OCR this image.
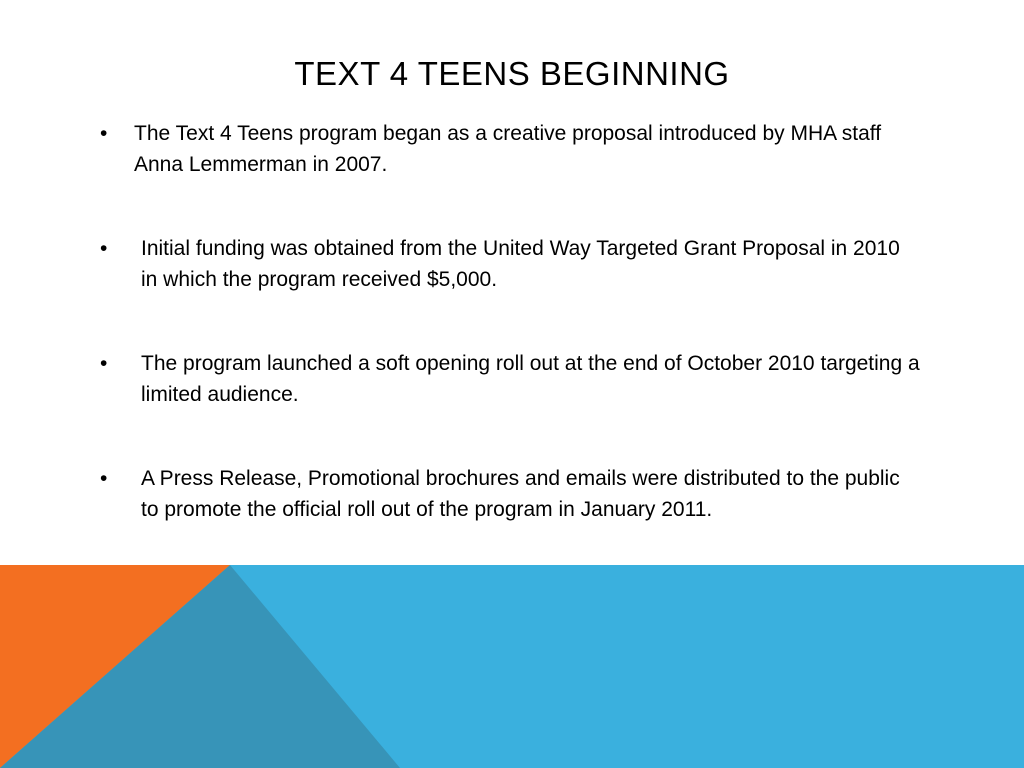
TEXT 4 TEENS BEGINNING
•	The Text 4 Teens program began as a creative proposal introduced by MHA staff Anna Lemmerman in 2007.
•	Initial funding was obtained from the United Way Targeted Grant Proposal in 2010 in which the program received $5,000.
•	The program launched a soft opening roll out at the end of October 2010 targeting a limited audience.
•	A Press Release, Promotional brochures and emails were distributed to the public to promote the official roll out of the program in January 2011.
